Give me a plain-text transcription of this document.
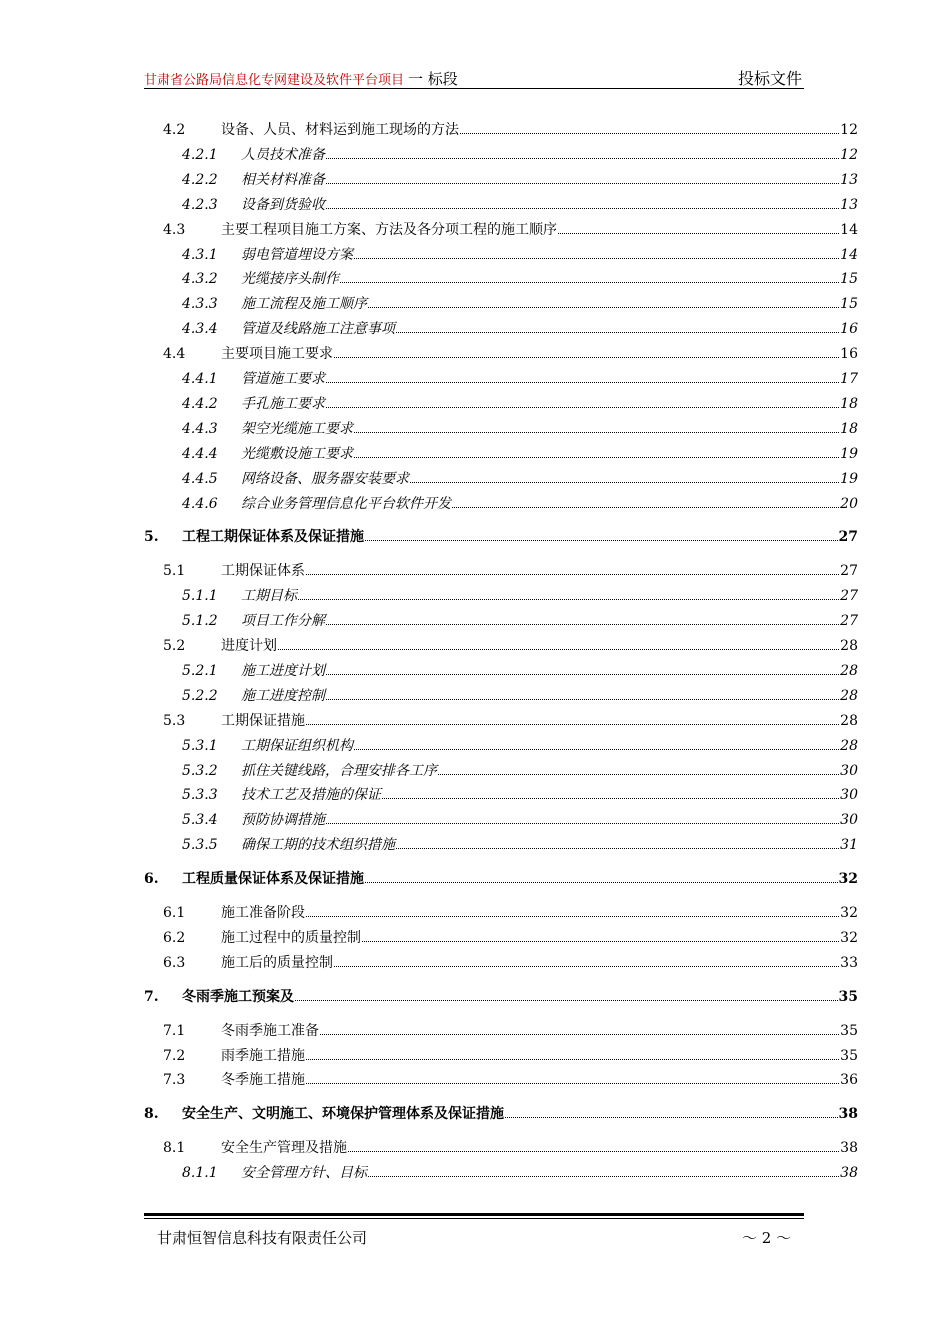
甘肃省公路局信息化专网建设及软件平台项目 一 标段	投标文件
4.2	设备、人员、材料运到施工现场的方法	12
4.2.1	人员技术准备	12
4.2.2	相关材料准备	13
4.2.3	设备到货验收	13
4.3	主要工程项目施工方案、方法及各分项工程的施工顺序	14
4.3.1	弱电管道埋设方案	14
4.3.2	光缆接序头制作	15
4.3.3	施工流程及施工顺序	15
4.3.4	管道及线路施工注意事项	16
4.4	主要项目施工要求	16
4.4.1	管道施工要求	17
4.4.2	手孔施工要求	18
4.4.3	架空光缆施工要求	18
4.4.4	光缆敷设施工要求	19
4.4.5	网络设备、服务器安装要求	19
4.4.6	综合业务管理信息化平台软件开发	20
5.	工程工期保证体系及保证措施	27
5.1	工期保证体系	27
5.1.1	工期目标	27
5.1.2	项目工作分解	27
5.2	进度计划	28
5.2.1	施工进度计划	28
5.2.2	施工进度控制	28
5.3	工期保证措施	28
5.3.1	工期保证组织机构	28
5.3.2	抓住关键线路，合理安排各工序	30
5.3.3	技术工艺及措施的保证	30
5.3.4	预防协调措施	30
5.3.5	确保工期的技术组织措施	31
6.	工程质量保证体系及保证措施	32
6.1	施工准备阶段	32
6.2	施工过程中的质量控制	32
6.3	施工后的质量控制	33
7.	冬雨季施工预案及	35
7.1	冬雨季施工准备	35
7.2	雨季施工措施	35
7.3	冬季施工措施	36
8.	安全生产、文明施工、环境保护管理体系及保证措施	38
8.1	安全生产管理及措施	38
8.1.1	安全管理方针、目标	38
甘肃恒智信息科技有限责任公司	～ 2 ～
